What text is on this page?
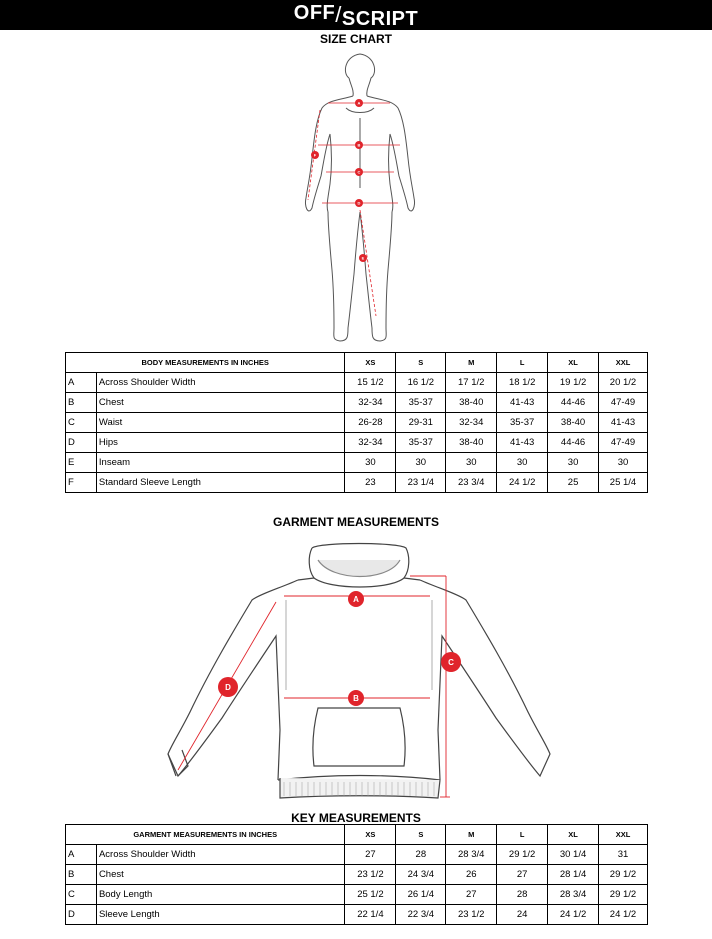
OFF/SCRIPT
SIZE CHART
A
B
C
D
E
F
BODY MEASUREMENTS IN INCHES		XS	S	M	L	XL	XXL
A	Across Shoulder Width	15 1/2	16 1/2	17 1/2	18 1/2	19 1/2	20 1/2
B	Chest	32-34	35-37	38-40	41-43	44-46	47-49
C	Waist	26-28	29-31	32-34	35-37	38-40	41-43
D	Hips	32-34	35-37	38-40	41-43	44-46	47-49
E	Inseam	30	30	30	30	30	30
F	Standard Sleeve Length	23	23 1/4	23 3/4	24 1/2	25	25 1/4
GARMENT MEASUREMENTS
A
B
C
D
KEY MEASUREMENTS
GARMENT MEASUREMENTS IN INCHES		XS	S	M	L	XL	XXL
A	Across Shoulder Width	27	28	28 3/4	29 1/2	30 1/4	31
B	Chest	23 1/2	24 3/4	26	27	28 1/4	29 1/2
C	Body Length	25 1/2	26 1/4	27	28	28 3/4	29 1/2
D	Sleeve Length	22 1/4	22 3/4	23 1/2	24	24 1/2	24 1/2
